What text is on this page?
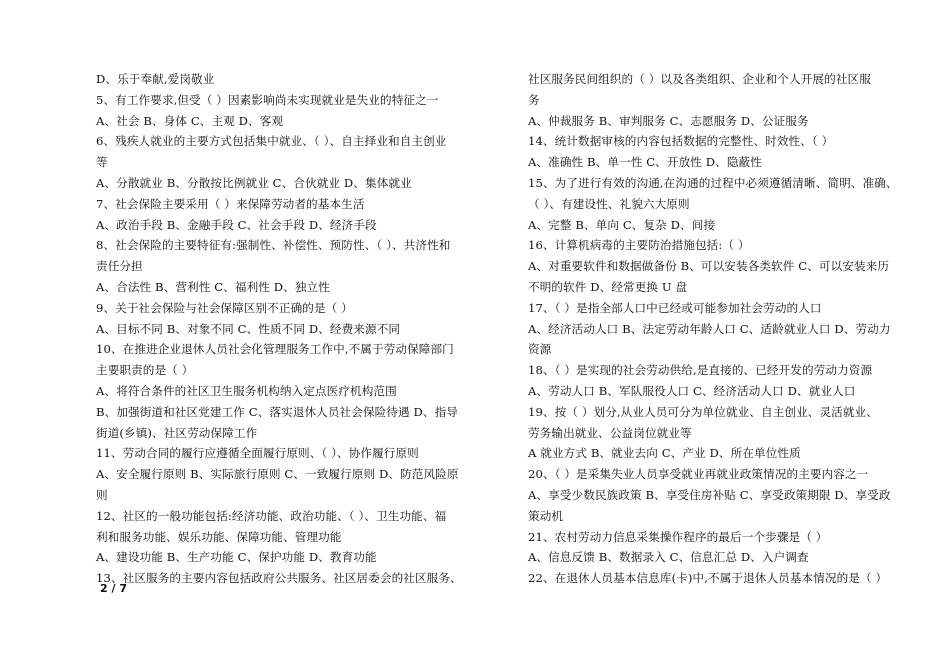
D、乐于奉献,爱岗敬业
5、有工作要求,但受（ ）因素影响尚未实现就业是失业的特征之一
A、社会 B、身体 C、主观 D、客观
6、残疾人就业的主要方式包括集中就业、（ ）、自主择业和自主创业
等
A、分散就业 B、分散按比例就业 C、合伙就业 D、集体就业
7、社会保险主要采用（ ）来保障劳动者的基本生活
A、政治手段 B、金融手段 C、社会手段 D、经济手段
8、社会保险的主要特征有:强制性、补偿性、预防性、（ ）、共济性和
责任分担
A、合法性 B、营利性 C、福利性 D、独立性
9、关于社会保险与社会保障区别不正确的是（ ）
A、目标不同 B、对象不同 C、性质不同 D、经费来源不同
10、在推进企业退休人员社会化管理服务工作中,不属于劳动保障部门
主要职责的是（ ）
A、将符合条件的社区卫生服务机构纳入定点医疗机构范围
B、加强街道和社区党建工作 C、落实退休人员社会保险待遇 D、指导
街道(乡镇)、社区劳动保障工作
11、劳动合同的履行应遵循全面履行原则、（ ）、协作履行原则
A、安全履行原则 B、实际旅行原则 C、一致履行原则 D、防范风险原
则
12、社区的一般功能包括:经济功能、政治功能、（ ）、卫生功能、福
利和服务功能、娱乐功能、保障功能、管理功能
A、建设功能 B、生产功能 C、保护功能 D、教育功能
13、社区服务的主要内容包括政府公共服务、社区居委会的社区服务、
社区服务民间组织的（ ）以及各类组织、企业和个人开展的社区服
务
A、仲裁服务 B、审判服务 C、志愿服务 D、公证服务
14、统计数据审核的内容包括数据的完整性、时效性、（ ）
A、准确性 B、单一性 C、开放性 D、隐蔽性
15、为了进行有效的沟通,在沟通的过程中必须遵循清晰、简明、准确、
（ ）、有建设性、礼貌六大原则
A、完整 B、单向 C、复杂 D、间接
16、计算机病毒的主要防治措施包括:（ ）
A、对重要软件和数据做备份 B、可以安装各类软件 C、可以安装来历
不明的软件 D、经常更换 U 盘
17、（ ）是指全部人口中已经或可能参加社会劳动的人口
A、经济活动人口 B、法定劳动年龄人口 C、适龄就业人口 D、劳动力
资源
18、（ ）是实现的社会劳动供给,是直接的、已经开发的劳动力资源
A、劳动人口 B、军队服役人口 C、经济活动人口 D、就业人口
19、按（ ）划分,从业人员可分为单位就业、自主创业、灵活就业、
劳务输出就业、公益岗位就业等
A 就业方式 B、就业去向 C、产业 D、所在单位性质
20、（ ）是采集失业人员享受就业再就业政策情况的主要内容之一
A、享受少数民族政策 B、享受住房补贴 C、享受政策期限 D、享受政
策动机
21、农村劳动力信息采集操作程序的最后一个步骤是（ ）
A、信息反馈 B、数据录入 C、信息汇总 D、入户调查
22、在退休人员基本信息库(卡)中,不属于退休人员基本情况的是（ ）
2 / 7
